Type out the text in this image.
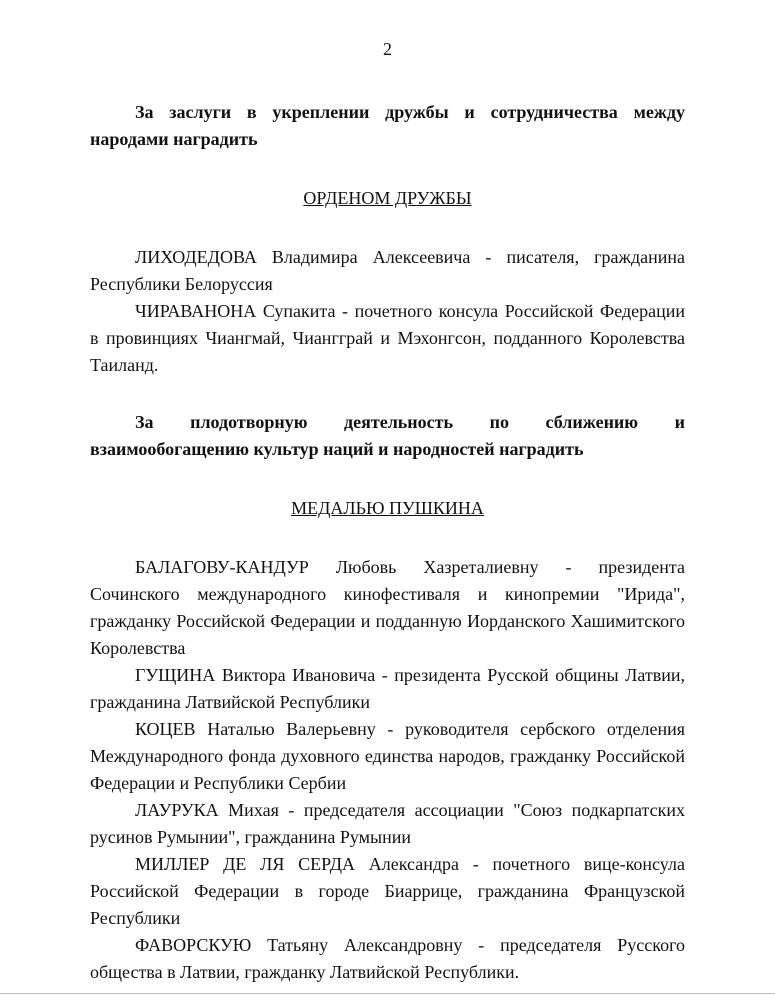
2

За заслуги в укреплении дружбы и сотрудничества между народами наградить

ОРДЕНОМ ДРУЖБЫ

ЛИХОДЕДОВА Владимира Алексеевича - писателя, гражданина Республики Белоруссия

ЧИРАВАНОНА Супакита - почетного консула Российской Федерации в провинциях Чиангмай, Чиангграй и Мэхонгсон, подданного Королевства Таиланд.

За плодотворную деятельность по сближению и взаимообогащению культур наций и народностей наградить

МЕДАЛЬЮ ПУШКИНА

БАЛАГОВУ-КАНДУР Любовь Хазреталиевну - президента Сочинского международного кинофестиваля и кинопремии "Ирида", гражданку Российской Федерации и подданную Иорданского Хашимитского Королевства

ГУЩИНА Виктора Ивановича - президента Русской общины Латвии, гражданина Латвийской Республики

КОЦЕВ Наталью Валерьевну - руководителя сербского отделения Международного фонда духовного единства народов, гражданку Российской Федерации и Республики Сербии

ЛАУРУКА Михая - председателя ассоциации "Союз подкарпатских русинов Румынии", гражданина Румынии

МИЛЛЕР ДЕ ЛЯ СЕРДА Александра - почетного вице-консула Российской Федерации в городе Биаррице, гражданина Французской Республики

ФАВОРСКУЮ Татьяну Александровну - председателя Русского общества в Латвии, гражданку Латвийской Республики.
